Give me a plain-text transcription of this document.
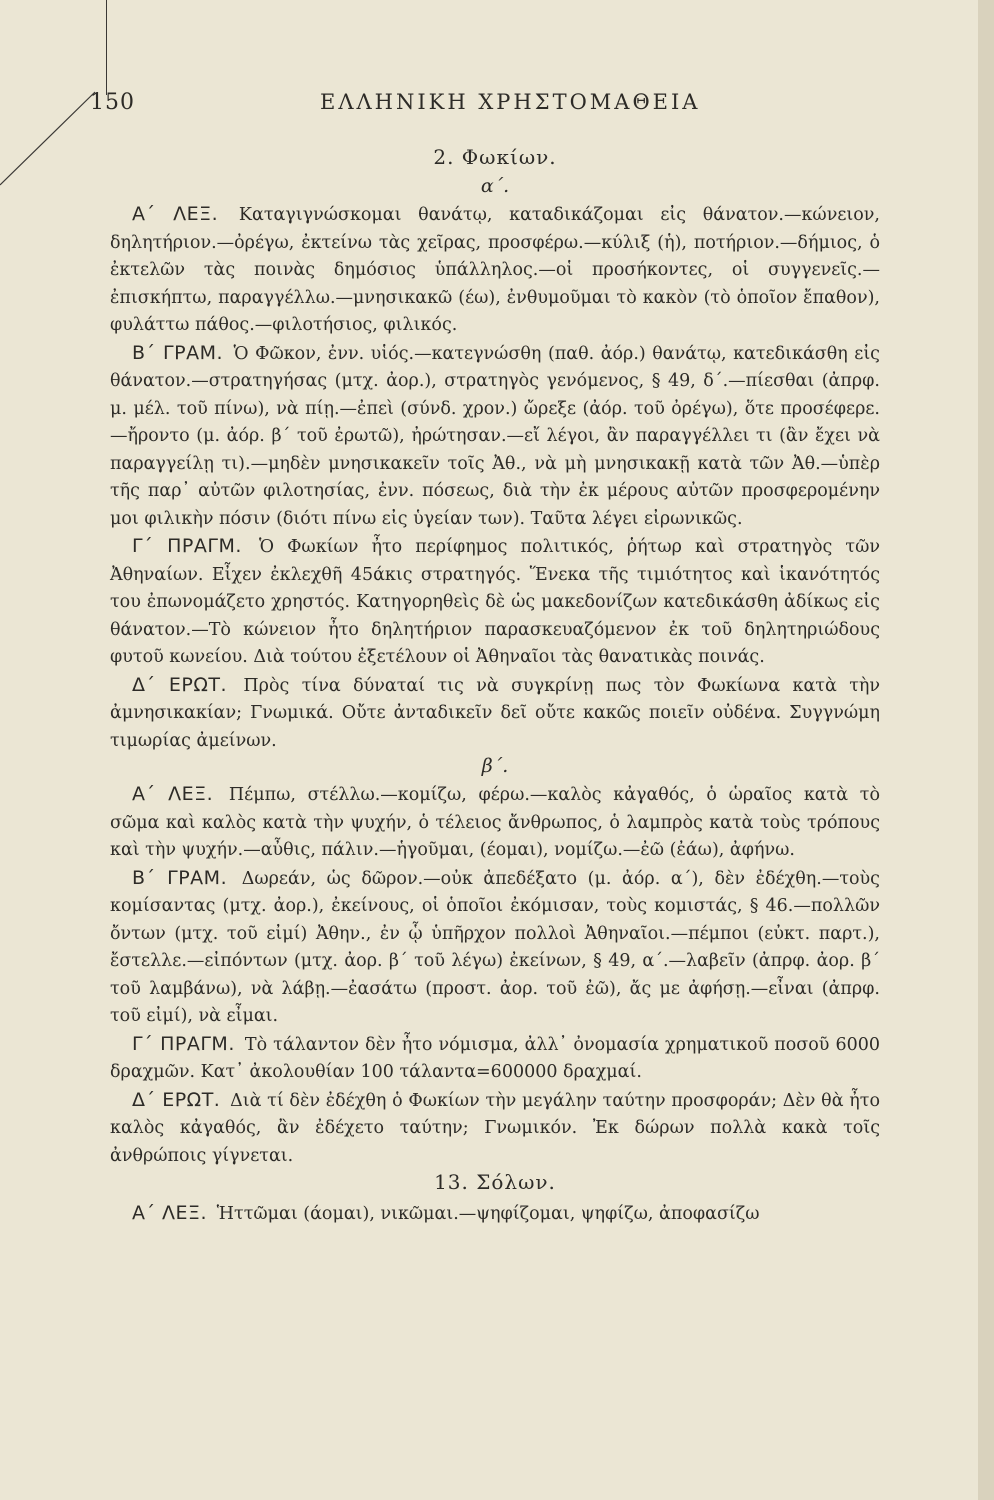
150	ΕΛΛΗΝΙΚΗ ΧΡΗΣΤΟΜΑΘΕΙΑ
2. Φωκίων.
α΄.

Α΄ ΛΕΞ. Καταγιγνώσκομαι θανάτῳ, καταδικάζομαι εἰς θάνατον.—κώνειον, δηλητήριον.—ὀρέγω, ἐκτείνω τὰς χεῖρας, προσφέρω.—κύλιξ (ἡ), ποτήριον.—δήμιος, ὁ ἐκτελῶν τὰς ποινὰς δημόσιος ὑπάλληλος.—οἱ προσήκοντες, οἱ συγγενεῖς.—ἐπισκήπτω, παραγγέλλω.—μνησικακῶ (έω), ἐνθυμοῦμαι τὸ κακὸν (τὸ ὁποῖον ἔπαθον), φυλάττω πάθος.—φιλοτήσιος, φιλικός.

Β΄ ΓΡΑΜ. Ὁ Φῶκον, ἐνν. υἱός.—κατεγνώσθη (παθ. ἀόρ.) θανάτῳ, κατεδικάσθη εἰς θάνατον.—στρατηγήσας (μτχ. ἀορ.), στρατηγὸς γενόμενος, § 49, δ΄.—πίεσθαι (ἀπρφ. μ. μέλ. τοῦ πίνω), νὰ πίῃ.—ἐπεὶ (σύνδ. χρον.) ὤρεξε (ἀόρ. τοῦ ὀρέγω), ὅτε προσέφερε.—ἤροντο (μ. ἀόρ. β΄ τοῦ ἐρωτῶ), ἠρώτησαν.—εἴ λέγοι, ἂν παραγγέλλει τι (ἂν ἔχει νὰ παραγγείλῃ τι).—μηδὲν μνησικακεῖν τοῖς Ἀθ., νὰ μὴ μνησικακῇ κατὰ τῶν Ἀθ.—ὑπὲρ τῆς παρ᾽ αὐτῶν φιλοτησίας, ἐνν. πόσεως, διὰ τὴν ἐκ μέρους αὐτῶν προσφερομένην μοι φιλικὴν πόσιν (διότι πίνω εἰς ὑγείαν των). Ταῦτα λέγει εἰρωνικῶς.

Γ΄ ΠΡΑΓΜ. Ὁ Φωκίων ἦτο περίφημος πολιτικός, ῥήτωρ καὶ στρατηγὸς τῶν Ἀθηναίων. Εἶχεν ἐκλεχθῆ 45άκις στρατηγός. Ἕνεκα τῆς τιμιότητος καὶ ἱκανότητός του ἐπωνομάζετο χρηστός. Κατηγορηθεὶς δὲ ὡς μακεδονίζων κατεδικάσθη ἀδίκως εἰς θάνατον.—Τὸ κώνειον ἦτο δηλητήριον παρασκευαζόμενον ἐκ τοῦ δηλητηριώδους φυτοῦ κωνείου. Διὰ τούτου ἐξετέλουν οἱ Ἀθηναῖοι τὰς θανατικὰς ποινάς.

Δ΄ ΕΡΩΤ. Πρὸς τίνα δύναταί τις νὰ συγκρίνῃ πως τὸν Φωκίωνα κατὰ τὴν ἀμνησικακίαν; Γνωμικά. Οὔτε ἀνταδικεῖν δεῖ οὔτε κακῶς ποιεῖν οὐδένα. Συγγνώμη τιμωρίας ἀμείνων.

β΄.

Α΄ ΛΕΞ. Πέμπω, στέλλω.—κομίζω, φέρω.—καλὸς κἀγαθός, ὁ ὡραῖος κατὰ τὸ σῶμα καὶ καλὸς κατὰ τὴν ψυχήν, ὁ τέλειος ἄνθρωπος, ὁ λαμπρὸς κατὰ τοὺς τρόπους καὶ τὴν ψυχήν.—αὖθις, πάλιν.—ἡγοῦμαι, (έομαι), νομίζω.—ἐῶ (ἐάω), ἀφήνω.

Β΄ ΓΡΑΜ. Δωρεάν, ὡς δῶρον.—οὐκ ἀπεδέξατο (μ. ἀόρ. α΄), δὲν ἐδέχθη.—τοὺς κομίσαντας (μτχ. ἀορ.), ἐκείνους, οἱ ὁποῖοι ἐκόμισαν, τοὺς κομιστάς, § 46.—πολλῶν ὄντων (μτχ. τοῦ εἰμί) Ἀθην., ἐν ᾧ ὑπῆρχον πολλοὶ Ἀθηναῖοι.—πέμποι (εὐκτ. παρτ.), ἔστελλε.—εἰπόντων (μτχ. ἀορ. β΄ τοῦ λέγω) ἐκείνων, § 49, α΄.—λαβεῖν (ἀπρφ. ἀορ. β΄ τοῦ λαμβάνω), νὰ λάβῃ.—ἐασάτω (προστ. ἀορ. τοῦ ἐῶ), ἄς με ἀφήσῃ.—εἶναι (ἀπρφ. τοῦ εἰμί), νὰ εἶμαι.

Γ΄ ΠΡΑΓΜ. Τὸ τάλαντον δὲν ἦτο νόμισμα, ἀλλ᾽ ὀνομασία χρηματικοῦ ποσοῦ 6000 δραχμῶν. Κατ᾽ ἀκολουθίαν 100 τάλαντα=600000 δραχμαί.

Δ΄ ΕΡΩΤ. Διὰ τί δὲν ἐδέχθη ὁ Φωκίων τὴν μεγάλην ταύτην προσφοράν; Δὲν θὰ ἦτο καλὸς κἀγαθός, ἂν ἐδέχετο ταύτην; Γνωμικόν. Ἐκ δώρων πολλὰ κακὰ τοῖς ἀνθρώποις γίγνεται.

13. Σόλων.

Α΄ ΛΕΞ. Ἡττῶμαι (άομαι), νικῶμαι.—ψηφίζομαι, ψηφίζω, ἀποφασίζω
